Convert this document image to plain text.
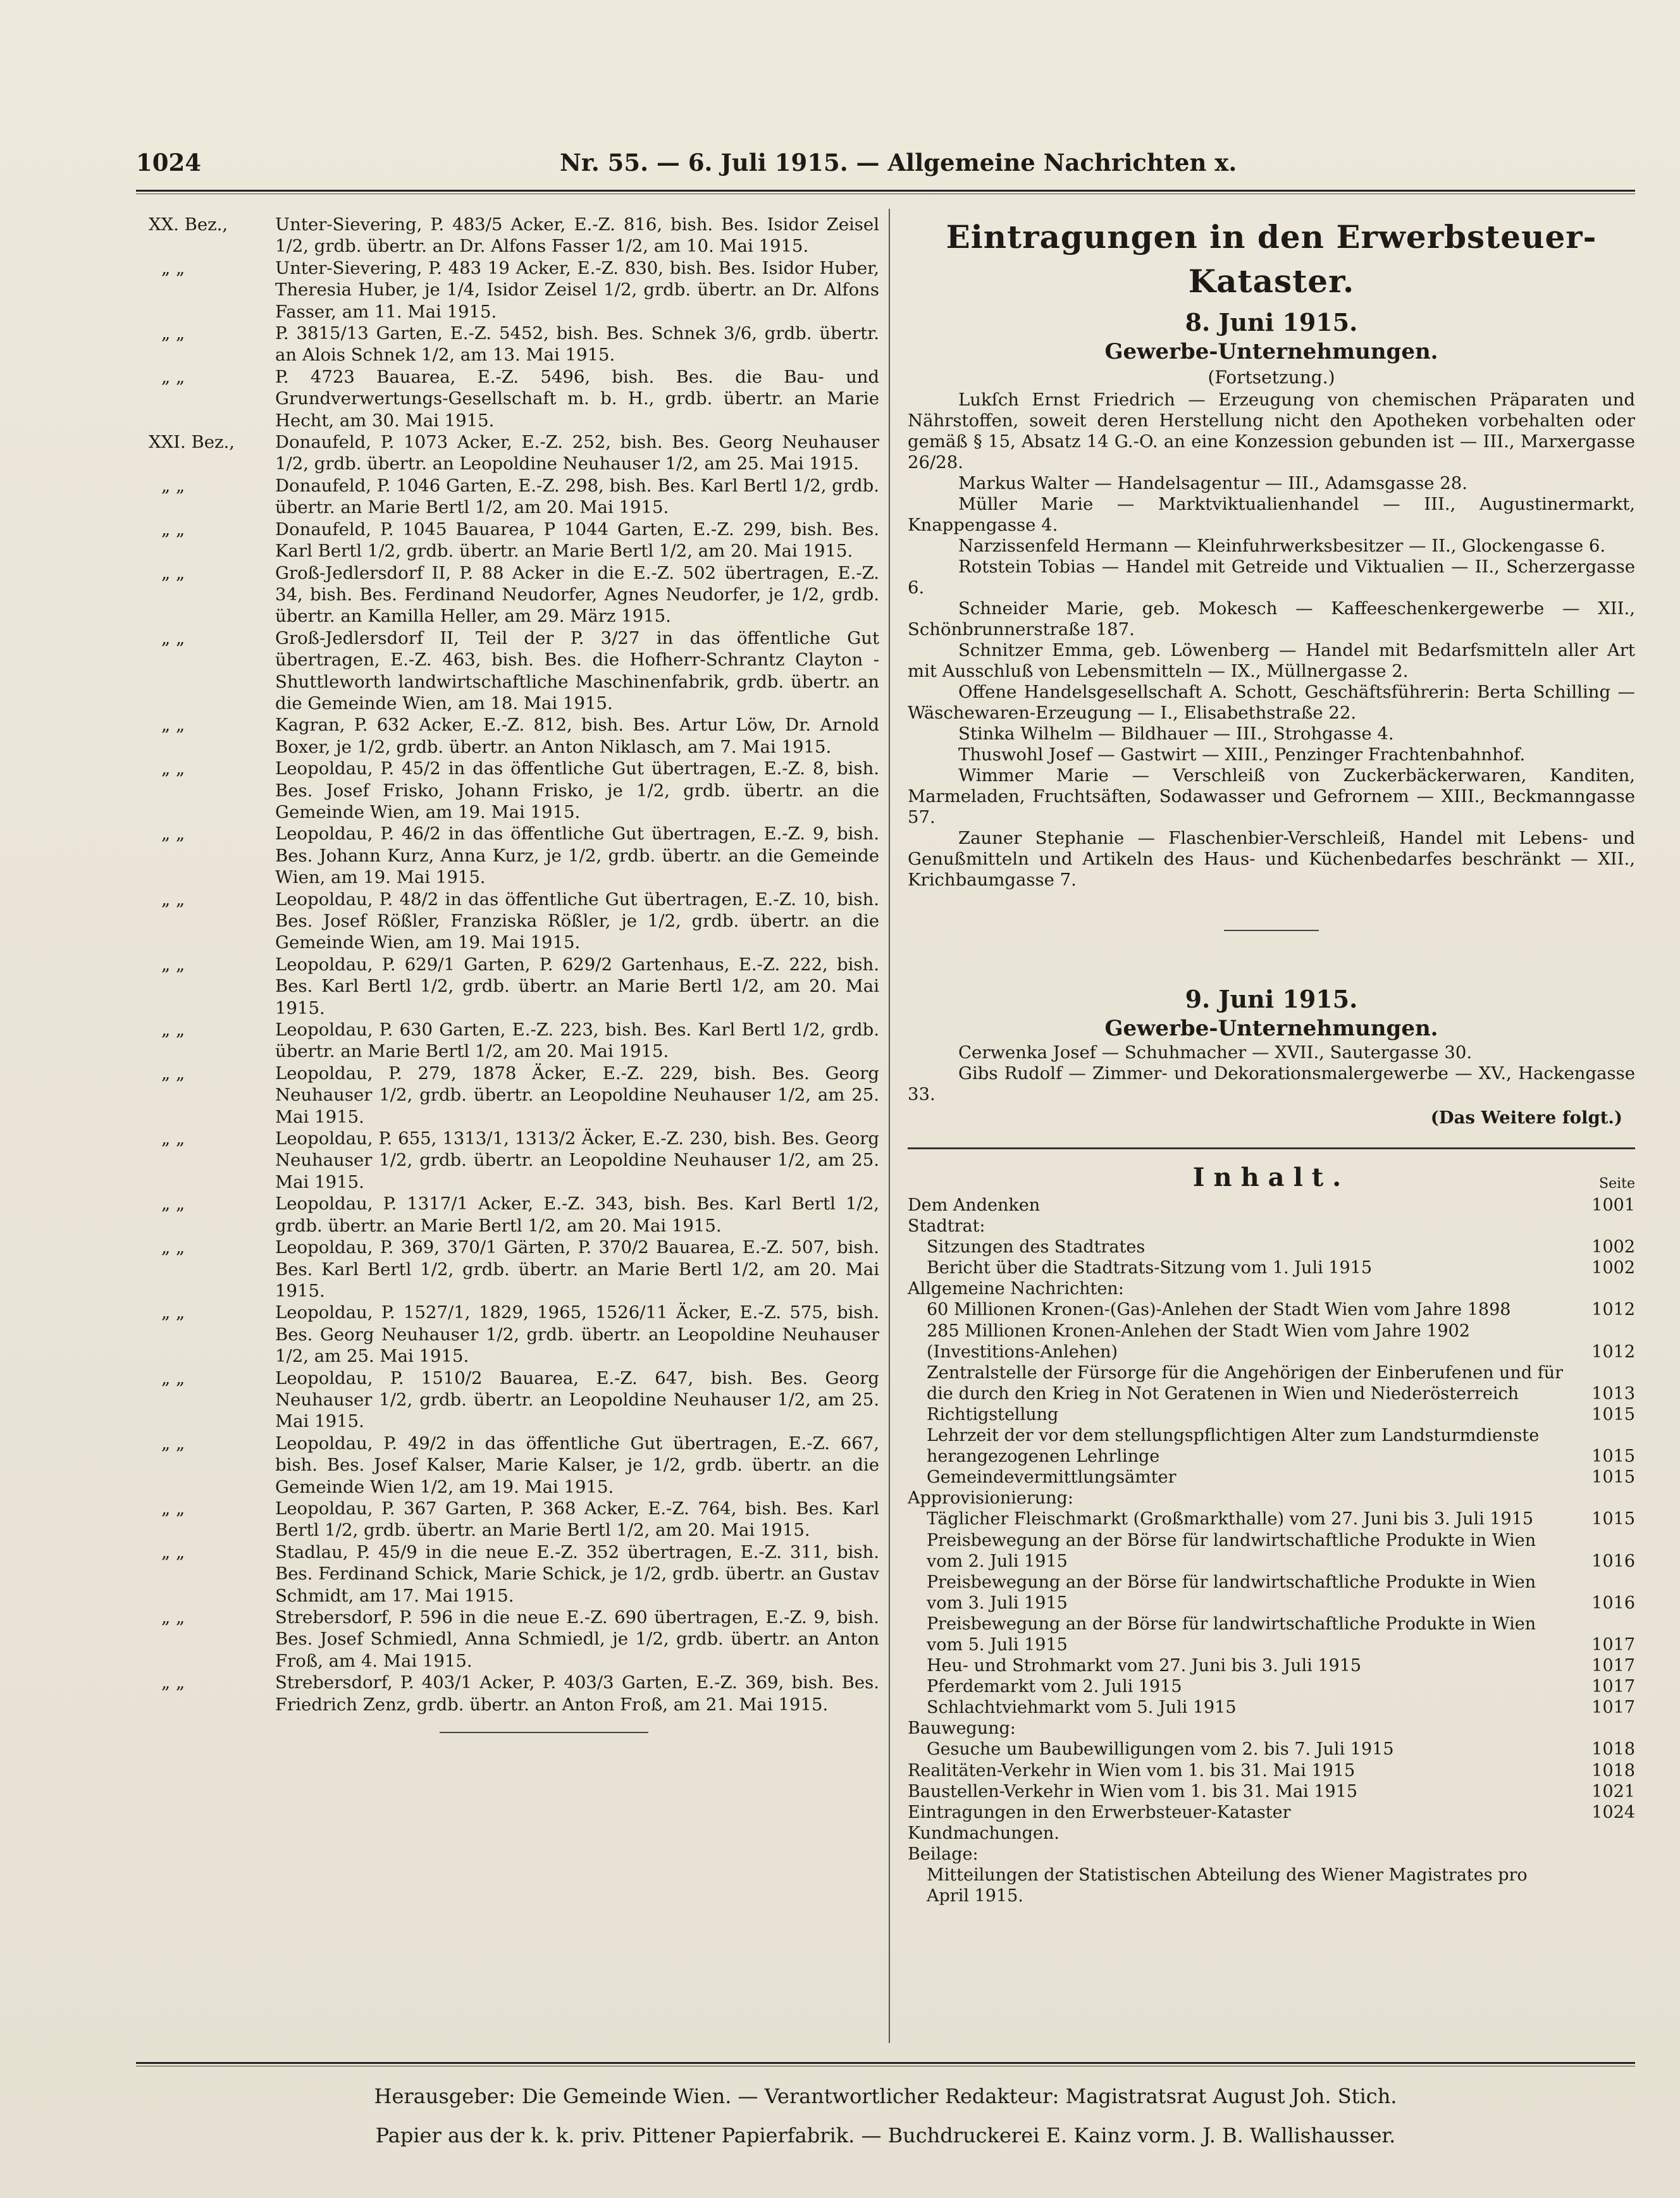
1024	Nr. 55. — 6. Juli 1915. — Allgemeine Nachrichten x.
XX. Bez.,	Unter-Sievering, P. 483/5 Acker, E.-Z. 816, bish. Bes. Isidor Zeisel 1/2, grdb. übertr. an Dr. Alfons Fasser 1/2, am 10. Mai 1915.
„ „	Unter-Sievering, P. 483 19 Acker, E.-Z. 830, bish. Bes. Isidor Huber, Theresia Huber, je 1/4, Isidor Zeisel 1/2, grdb. übertr. an Dr. Alfons Fasser, am 11. Mai 1915.
„ „	P. 3815/13 Garten, E.-Z. 5452, bish. Bes. Schnek 3/6, grdb. übertr. an Alois Schnek 1/2, am 13. Mai 1915.
„ „	P. 4723 Bauarea, E.-Z. 5496, bish. Bes. die Bau- und Grundverwertungs-Gesellschaft m. b. H., grdb. übertr. an Marie Hecht, am 30. Mai 1915.
XXI. Bez.,	Donaufeld, P. 1073 Acker, E.-Z. 252, bish. Bes. Georg Neuhauser 1/2, grdb. übertr. an Leopoldine Neuhauser 1/2, am 25. Mai 1915.
„ „	Donaufeld, P. 1046 Garten, E.-Z. 298, bish. Bes. Karl Bertl 1/2, grdb. übertr. an Marie Bertl 1/2, am 20. Mai 1915.
„ „	Donaufeld, P. 1045 Bauarea, P 1044 Garten, E.-Z. 299, bish. Bes. Karl Bertl 1/2, grdb. übertr. an Marie Bertl 1/2, am 20. Mai 1915.
„ „	Groß-Jedlersdorf II, P. 88 Acker in die E.-Z. 502 übertragen, E.-Z. 34, bish. Bes. Ferdinand Neudorfer, Agnes Neudorfer, je 1/2, grdb. übertr. an Kamilla Heller, am 29. März 1915.
„ „	Groß-Jedlersdorf II, Teil der P. 3/27 in das öffentliche Gut übertragen, E.-Z. 463, bish. Bes. die Hofherr-Schrantz Clayton - Shuttleworth landwirtschaftliche Maschinenfabrik, grdb. übertr. an die Gemeinde Wien, am 18. Mai 1915.
„ „	Kagran, P. 632 Acker, E.-Z. 812, bish. Bes. Artur Löw, Dr. Arnold Boxer, je 1/2, grdb. übertr. an Anton Niklasch, am 7. Mai 1915.
„ „	Leopoldau, P. 45/2 in das öffentliche Gut übertragen, E.-Z. 8, bish. Bes. Josef Frisko, Johann Frisko, je 1/2, grdb. übertr. an die Gemeinde Wien, am 19. Mai 1915.
„ „	Leopoldau, P. 46/2 in das öffentliche Gut übertragen, E.-Z. 9, bish. Bes. Johann Kurz, Anna Kurz, je 1/2, grdb. übertr. an die Gemeinde Wien, am 19. Mai 1915.
„ „	Leopoldau, P. 48/2 in das öffentliche Gut übertragen, E.-Z. 10, bish. Bes. Josef Rößler, Franziska Rößler, je 1/2, grdb. übertr. an die Gemeinde Wien, am 19. Mai 1915.
„ „	Leopoldau, P. 629/1 Garten, P. 629/2 Gartenhaus, E.-Z. 222, bish. Bes. Karl Bertl 1/2, grdb. übertr. an Marie Bertl 1/2, am 20. Mai 1915.
„ „	Leopoldau, P. 630 Garten, E.-Z. 223, bish. Bes. Karl Bertl 1/2, grdb. übertr. an Marie Bertl 1/2, am 20. Mai 1915.
„ „	Leopoldau, P. 279, 1878 Äcker, E.-Z. 229, bish. Bes. Georg Neuhauser 1/2, grdb. übertr. an Leopoldine Neuhauser 1/2, am 25. Mai 1915.
„ „	Leopoldau, P. 655, 1313/1, 1313/2 Äcker, E.-Z. 230, bish. Bes. Georg Neuhauser 1/2, grdb. übertr. an Leopoldine Neuhauser 1/2, am 25. Mai 1915.
„ „	Leopoldau, P. 1317/1 Acker, E.-Z. 343, bish. Bes. Karl Bertl 1/2, grdb. übertr. an Marie Bertl 1/2, am 20. Mai 1915.
„ „	Leopoldau, P. 369, 370/1 Gärten, P. 370/2 Bauarea, E.-Z. 507, bish. Bes. Karl Bertl 1/2, grdb. übertr. an Marie Bertl 1/2, am 20. Mai 1915.
„ „	Leopoldau, P. 1527/1, 1829, 1965, 1526/11 Äcker, E.-Z. 575, bish. Bes. Georg Neuhauser 1/2, grdb. übertr. an Leopoldine Neuhauser 1/2, am 25. Mai 1915.
„ „	Leopoldau, P. 1510/2 Bauarea, E.-Z. 647, bish. Bes. Georg Neuhauser 1/2, grdb. übertr. an Leopoldine Neuhauser 1/2, am 25. Mai 1915.
„ „	Leopoldau, P. 49/2 in das öffentliche Gut übertragen, E.-Z. 667, bish. Bes. Josef Kalser, Marie Kalser, je 1/2, grdb. übertr. an die Gemeinde Wien 1/2, am 19. Mai 1915.
„ „	Leopoldau, P. 367 Garten, P. 368 Acker, E.-Z. 764, bish. Bes. Karl Bertl 1/2, grdb. übertr. an Marie Bertl 1/2, am 20. Mai 1915.
„ „	Stadlau, P. 45/9 in die neue E.-Z. 352 übertragen, E.-Z. 311, bish. Bes. Ferdinand Schick, Marie Schick, je 1/2, grdb. übertr. an Gustav Schmidt, am 17. Mai 1915.
„ „	Strebersdorf, P. 596 in die neue E.-Z. 690 übertragen, E.-Z. 9, bish. Bes. Josef Schmiedl, Anna Schmiedl, je 1/2, grdb. übertr. an Anton Froß, am 4. Mai 1915.
„ „	Strebersdorf, P. 403/1 Acker, P. 403/3 Garten, E.-Z. 369, bish. Bes. Friedrich Zenz, grdb. übertr. an Anton Froß, am 21. Mai 1915.
Eintragungen in den Erwerbsteuer-Kataster.
8. Juni 1915.
Gewerbe-Unternehmungen.
(Fortsetzung.)
Lukſch Ernst Friedrich — Erzeugung von chemischen Präparaten und Nährstoffen, soweit deren Herstellung nicht den Apotheken vorbehalten oder gemäß § 15, Absatz 14 G.-O. an eine Konzession gebunden ist — III., Marxergasse 26/28.
Markus Walter — Handelsagentur — III., Adamsgasse 28.
Müller Marie — Marktviktualienhandel — III., Augustinermarkt, Knappengasse 4.
Narzissenfeld Hermann — Kleinfuhrwerksbesitzer — II., Glockengasse 6.
Rotstein Tobias — Handel mit Getreide und Viktualien — II., Scherzergasse 6.
Schneider Marie, geb. Mokesch — Kaffeeschenkergewerbe — XII., Schönbrunnerstraße 187.
Schnitzer Emma, geb. Löwenberg — Handel mit Bedarfsmitteln aller Art mit Ausschluß von Lebensmitteln — IX., Müllnergasse 2.
Offene Handelsgesellschaft A. Schott, Geschäftsführerin: Berta Schilling — Wäschewaren-Erzeugung — I., Elisabethstraße 22.
Stinka Wilhelm — Bildhauer — III., Strohgasse 4.
Thuswohl Josef — Gastwirt — XIII., Penzinger Frachtenbahnhof.
Wimmer Marie — Verschleiß von Zuckerbäckerwaren, Kanditen, Marmeladen, Fruchtsäften, Sodawasser und Gefrornem — XIII., Beckmanngasse 57.
Zauner Stephanie — Flaschenbier-Verschleiß, Handel mit Lebens- und Genußmitteln und Artikeln des Haus- und Küchenbedarfes beschränkt — XII., Krichbaumgasse 7.
9. Juni 1915.
Gewerbe-Unternehmungen.
Cerwenka Josef — Schuhmacher — XVII., Sautergasse 30.
Gibs Rudolf — Zimmer- und Dekorationsmalergewerbe — XV., Hackengasse 33.
(Das Weitere folgt.)
Inhalt.	Seite
Dem Andenken	1001
Stadtrat:
Sitzungen des Stadtrates	1002
Bericht über die Stadtrats-Sitzung vom 1. Juli 1915	1002
Allgemeine Nachrichten:
60 Millionen Kronen-(Gas)-Anlehen der Stadt Wien vom Jahre 1898	1012
285 Millionen Kronen-Anlehen der Stadt Wien vom Jahre 1902 (Investitions-Anlehen)	1012
Zentralstelle der Fürsorge für die Angehörigen der Einberufenen und für die durch den Krieg in Not Geratenen in Wien und Niederösterreich	1013
Richtigstellung	1015
Lehrzeit der vor dem stellungspflichtigen Alter zum Landsturmdienste herangezogenen Lehrlinge	1015
Gemeindevermittlungsämter	1015
Approvisionierung:
Täglicher Fleischmarkt (Großmarkthalle) vom 27. Juni bis 3. Juli 1915	1015
Preisbewegung an der Börse für landwirtschaftliche Produkte in Wien vom 2. Juli 1915	1016
Preisbewegung an der Börse für landwirtschaftliche Produkte in Wien vom 3. Juli 1915	1016
Preisbewegung an der Börse für landwirtschaftliche Produkte in Wien vom 5. Juli 1915	1017
Heu- und Strohmarkt vom 27. Juni bis 3. Juli 1915	1017
Pferdemarkt vom 2. Juli 1915	1017
Schlachtviehmarkt vom 5. Juli 1915	1017
Bauwegung:
Gesuche um Baubewilligungen vom 2. bis 7. Juli 1915	1018
Realitäten-Verkehr in Wien vom 1. bis 31. Mai 1915	1018
Baustellen-Verkehr in Wien vom 1. bis 31. Mai 1915	1021
Eintragungen in den Erwerbsteuer-Kataster	1024
Kundmachungen.
Beilage:
Mitteilungen der Statistischen Abteilung des Wiener Magistrates pro April 1915.
Herausgeber: Die Gemeinde Wien. — Verantwortlicher Redakteur: Magistratsrat August Joh. Stich.
Papier aus der k. k. priv. Pittener Papierfabrik. — Buchdruckerei E. Kainz vorm. J. B. Wallishausser.
